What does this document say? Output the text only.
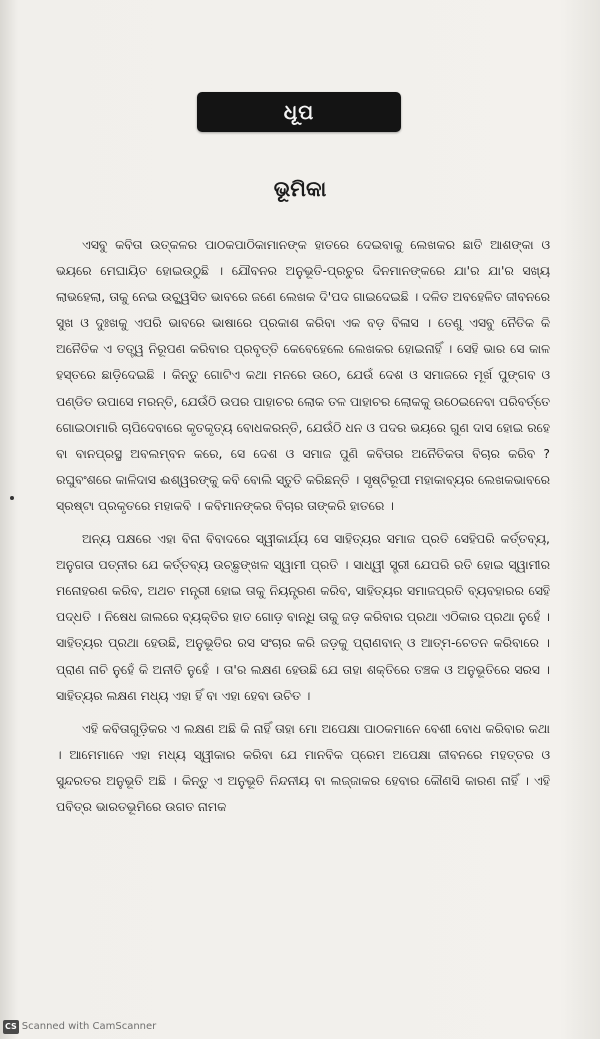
ଧୂପ
ଭୂମିକା

ଏସବୁ କବିତା ଉତ୍କଳର ପାଠକପାଠିକାମାନଙ୍କ ହାତରେ ଦେଇବାକୁ ଲେଖକର ଛାତି ଆଶଙ୍କା ଓ ଭୟରେ ମେଘାୟିତ ହୋଇଉଠୁଛି । ଯୌବନର ଅନୁଭୂତି-ପ୍ରଚୁର ଦିନମାନଙ୍କରେ ଯା'ର ଯା'ର ସଖ୍ୟ ଲାଭହେଲା, ତାକୁ ନେଇ ଉଚ୍ଛ୍ୱସିତ ଭାବରେ ଜଣେ ଲେଖକ ଦି'ପଦ ଗାଇଦେଇଛି । ଦଳିତ ଅବହେଳିତ ଜୀବନରେ ସୁଖ ଓ ଦୁଃଖକୁ ଏପରି ଭାବରେ ଭାଷାରେ ପ୍ରକାଶ କରିବା ଏକ ବଡ଼ ବିଳାସ । ତେଣୁ ଏସବୁ ନୈତିକ କି ଅନୈତିକ ଏ ତତ୍ତ୍ୱ ନିରୂପଣ କରିବାର ପ୍ରବୃତ୍ତି କେବେହେଲେ ଲେଖକର ହୋଇନାହିଁ । ସେହି ଭାର ସେ କାଳ ହସ୍ତରେ ଛାଡ଼ିଦେଇଛି । କିନ୍ତୁ ଗୋଟିଏ କଥା ମନରେ ଉଠେ, ଯେଉଁ ଦେଶ ଓ ସମାଜରେ ମୂର୍ଖ ପୁଙ୍ଗବ ଓ ପଣ୍ଡିତ ଉପାସେ ମରନ୍ତି, ଯେଉଁଠି ଉପର ପାହାଚର ଲୋକ ତଳ ପାହାଚର ଲୋକକୁ ଉଠେଇନେବା ପରିବର୍ତ୍ତେ ଗୋଇଠାମାରି ଚାପିଦେବାରେ କୃତକୃତ୍ୟ ବୋଧକରନ୍ତି, ଯେଉଁଠି ଧନ ଓ ପଦର ଭୟରେ ଗୁଣ ଦାସ ହୋଇ ରହେ ବା ବାନପ୍ରସ୍ଥ ଅବଲମ୍ବନ କରେ, ସେ ଦେଶ ଓ ସମାଜ ପୁଣି କବିତାର ଅନୈତିକତା ବିଚାର କରିବ ? ରଘୁବଂଶରେ କାଳିଦାସ ଈଶ୍ୱରଙ୍କୁ କବି ବୋଲି ସ୍ତୁତି କରିଛନ୍ତି । ସୃଷ୍ଟିରୂପୀ ମହାକାବ୍ୟର ଲେଖକଭାବରେ ସ୍ରଷ୍ଟା ପ୍ରକୃତରେ ମହାକବି । କବିମାନଙ୍କର ବିଚାର ତାଙ୍କରି ହାତରେ ।

ଅନ୍ୟ ପକ୍ଷରେ ଏହା ବିନା ବିବାଦରେ ସ୍ୱୀକାର୍ଯ୍ୟ ସେ ସାହିତ୍ୟର ସମାଜ ପ୍ରତି ସେହିପରି କର୍ତ୍ତବ୍ୟ, ଅନୁଗତା ପତ୍ନୀର ଯେ କର୍ତ୍ତବ୍ୟ ଉଚ୍ଛୃଙ୍ଖଳ ସ୍ୱାମୀ ପ୍ରତି । ସାଧ୍ୱୀ ସ୍ତ୍ରୀ ଯେପରି ରତି ହୋଇ ସ୍ୱାମୀର ମନୋହରଣ କରିବ, ଅଥଚ ମନ୍ତ୍ରୀ ହୋଇ ତାକୁ ନିୟନ୍ତ୍ରଣ କରିବ, ସାହିତ୍ୟର ସମାଜପ୍ରତି ବ୍ୟବହାରର ସେହି ପଦ୍ଧତି । ନିଷେଧ ଜାଲରେ ବ୍ୟକ୍ତିର ହାତ ଗୋଡ଼ ବାନ୍ଧି ତାକୁ ଜଡ଼ କରିବାର ପ୍ରଥା ଏଠିକାର ପ୍ରଥା ନୁହେଁ । ସାହିତ୍ୟର ପ୍ରଥା ହେଉଛି, ଅନୁଭୂତିର ରସ ସଂଚାର କରି ଜଡ଼କୁ ପ୍ରାଣବାନ୍ ଓ ଆତ୍ମ-ଚେତନ କରିବାରେ । ପ୍ରାଣ ନାଚି ନୁହେଁ କି ଅନୀତି ନୁହେଁ । ତା'ର ଲକ୍ଷଣ ହେଉଛି ଯେ ତାହା ଶକ୍ତିରେ ତଞ୍ଚକ ଓ ଅନୁଭୂତିରେ ସରସ । ସାହିତ୍ୟର ଲକ୍ଷଣ ମଧ୍ୟ ଏହା ହିଁ ବା ଏହା ହେବା ଉଚିତ ।

ଏହି କବିତାଗୁଡ଼ିକର ଏ ଲକ୍ଷଣ ଅଛି କି ନାହିଁ ତାହା ମୋ ଅପେକ୍ଷା ପାଠକମାନେ ବେଶୀ ବୋଧ କରିବାର କଥା । ଆମେମାନେ ଏହା ମଧ୍ୟ ସ୍ୱୀକାର କରିବା ଯେ ମାନବିକ ପ୍ରେମ ଅପେକ୍ଷା ଜୀବନରେ ମହତ୍ତର ଓ ସୁନ୍ଦରତର ଅନୁଭୂତି ଅଛି । କିନ୍ତୁ ଏ ଅନୁଭୂତି ନିନ୍ଦନୀୟ ବା ଲଜ୍ଜାକର ହେବାର କୌଣସି କାରଣ ନାହିଁ । ଏହି ପବିତ୍ର ଭାରତଭୂମିରେ ଉଗତ ନାମକ

CS Scanned with CamScanner
